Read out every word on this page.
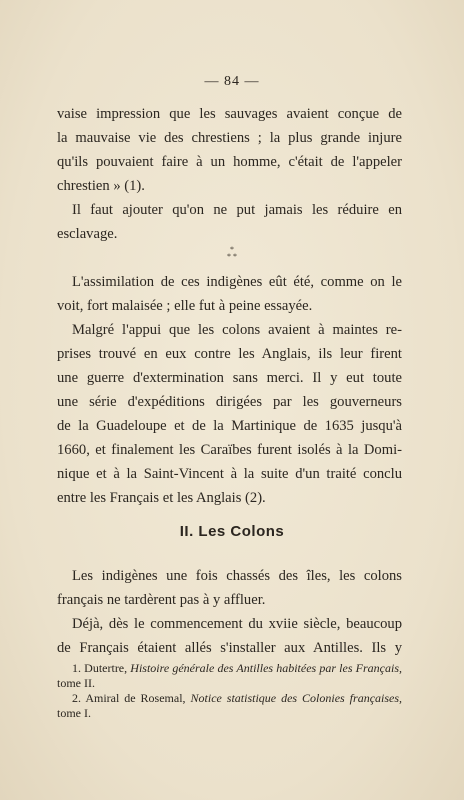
— 84 —
vaise impression que les sauvages avaient conçue de
la mauvaise vie des chrestiens ; la plus grande injure
qu'ils pouvaient faire à un homme, c'était de l'appeler
chrestien » (1).
Il faut ajouter qu'on ne put jamais les réduire en
esclavage.
*
* *
L'assimilation de ces indigènes eût été, comme on le
voit, fort malaisée ; elle fut à peine essayée.
Malgré l'appui que les colons avaient à maintes re-
prises trouvé en eux contre les Anglais, ils leur firent
une guerre d'extermination sans merci. Il y eut toute
une série d'expéditions dirigées par les gouverneurs
de la Guadeloupe et de la Martinique de 1635 jusqu'à
1660, et finalement les Caraïbes furent isolés à la Domi-
nique et à la Saint-Vincent à la suite d'un traité conclu
entre les Français et les Anglais (2).
II. Les Colons
Les indigènes une fois chassés des îles, les colons
français ne tardèrent pas à y affluer.
Déjà, dès le commencement du xviie siècle, beaucoup
de Français étaient allés s'installer aux Antilles. Ils y
1. Dutertre, Histoire générale des Antilles habitées par les Français, tome II.
2. Amiral de Rosemal, Notice statistique des Colonies françaises, tome I.
